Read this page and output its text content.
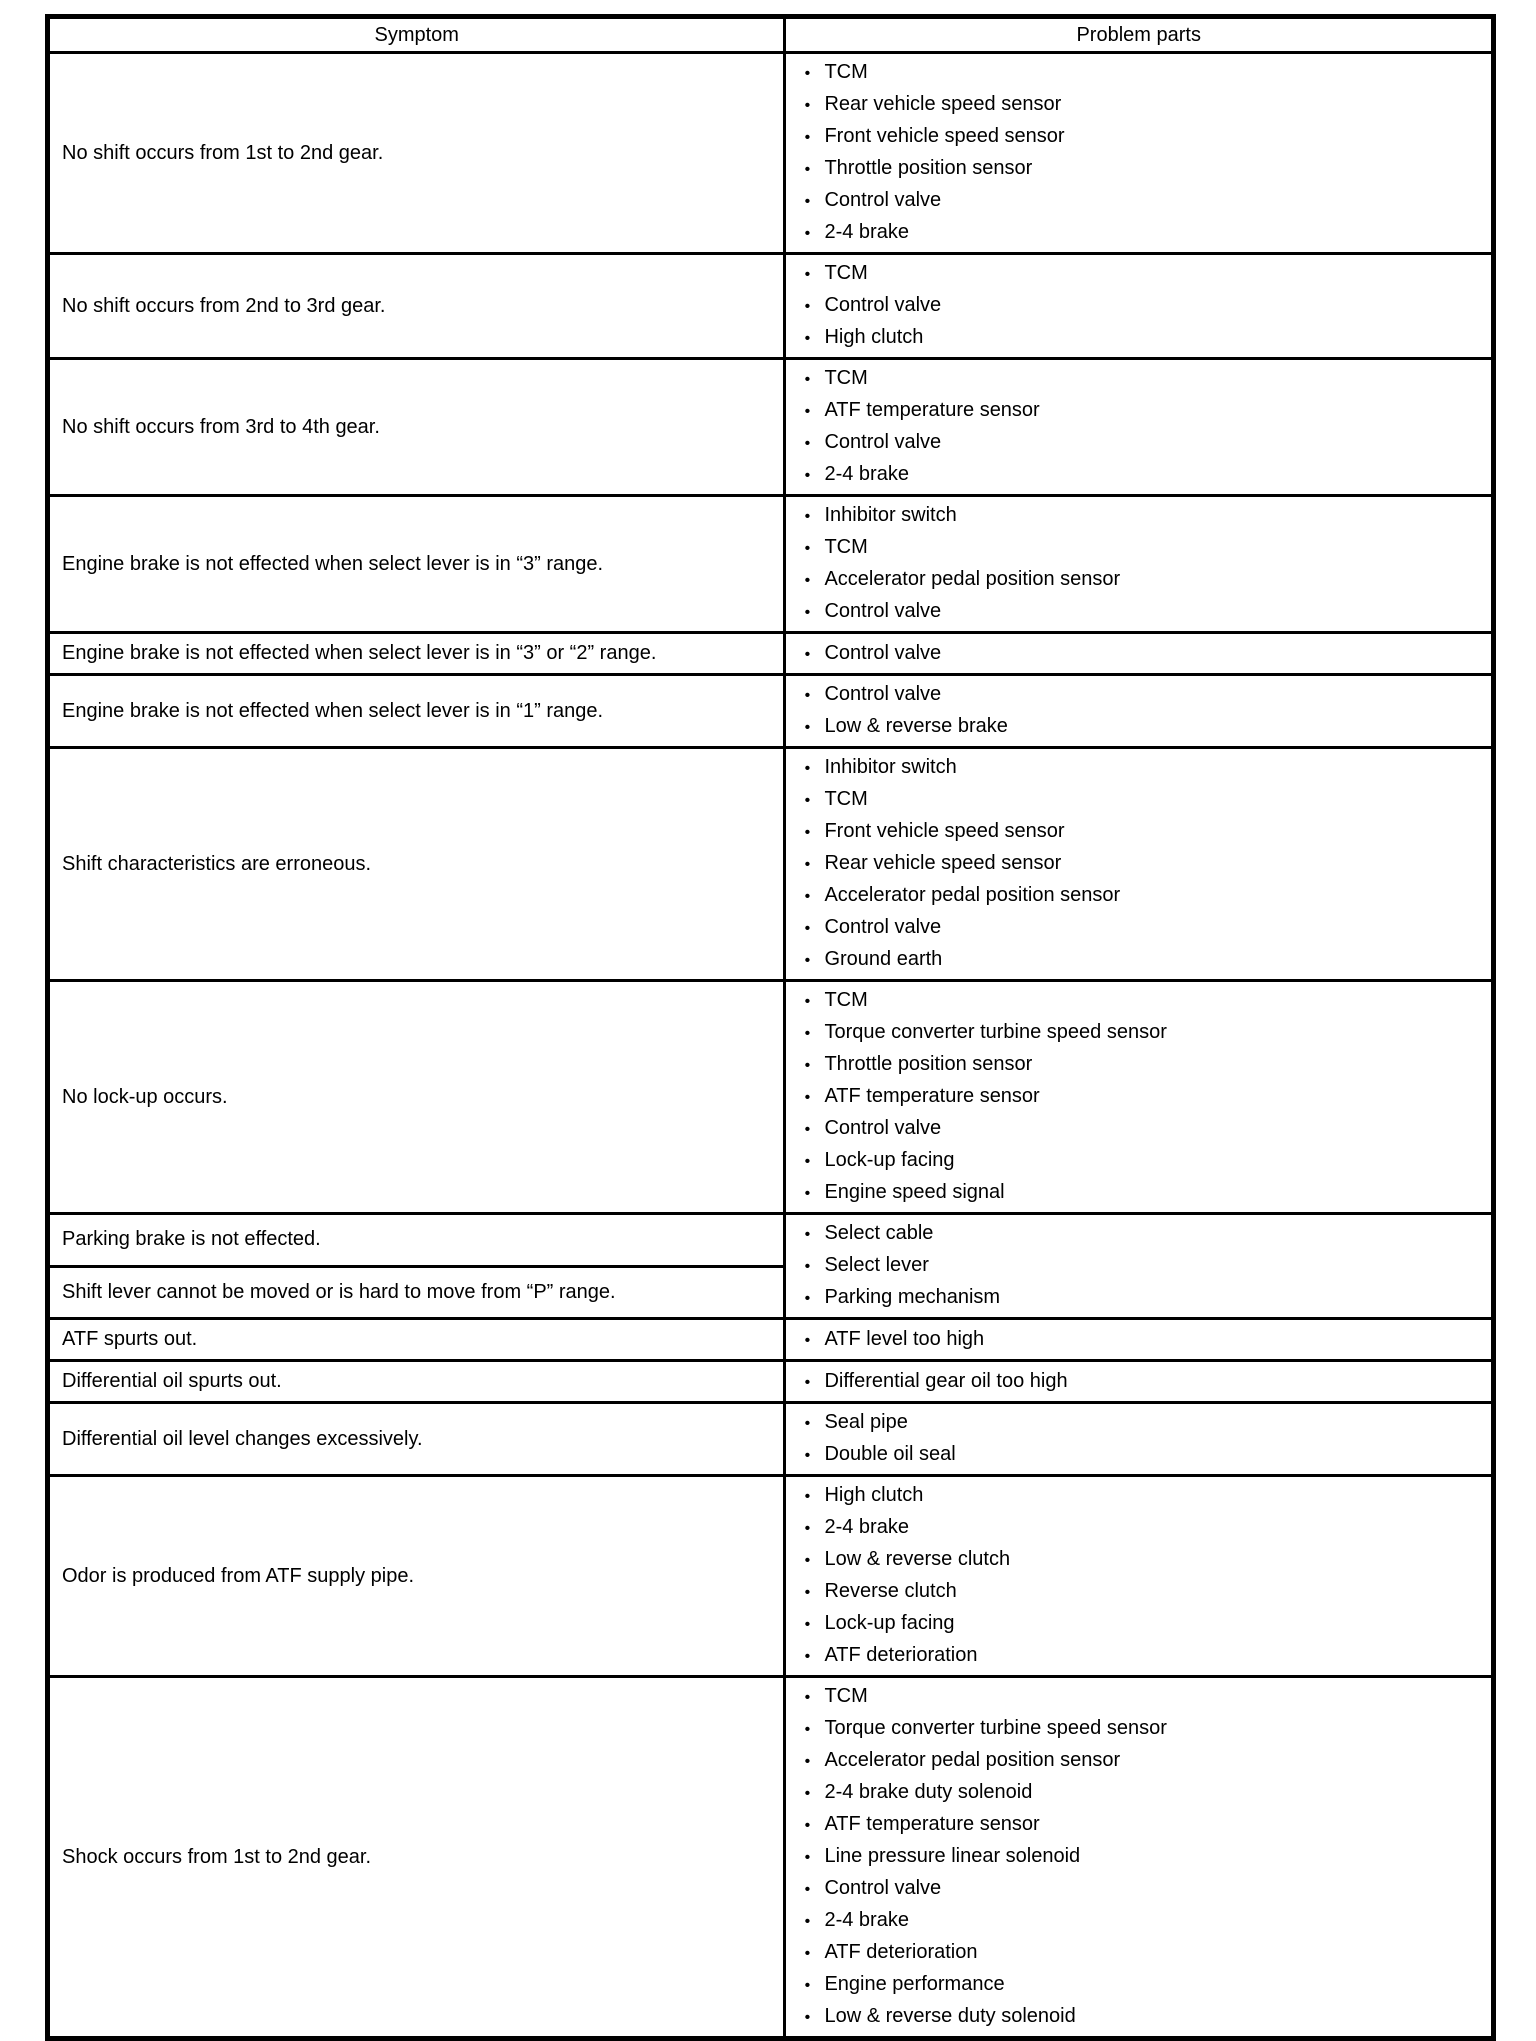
Symptom	Problem parts
No shift occurs from 1st to 2nd gear.	
• TCM
• Rear vehicle speed sensor
• Front vehicle speed sensor
• Throttle position sensor
• Control valve
• 2-4 brake

No shift occurs from 2nd to 3rd gear.	
• TCM
• Control valve
• High clutch

No shift occurs from 3rd to 4th gear.	
• TCM
• ATF temperature sensor
• Control valve
• 2-4 brake

Engine brake is not effected when select lever is in “3” range.	
• Inhibitor switch
• TCM
• Accelerator pedal position sensor
• Control valve

Engine brake is not effected when select lever is in “3” or “2” range.	• Control valve

Engine brake is not effected when select lever is in “1” range.	
• Control valve
• Low & reverse brake

Shift characteristics are erroneous.	
• Inhibitor switch
• TCM
• Front vehicle speed sensor
• Rear vehicle speed sensor
• Accelerator pedal position sensor
• Control valve
• Ground earth

No lock-up occurs.	
• TCM
• Torque converter turbine speed sensor
• Throttle position sensor
• ATF temperature sensor
• Control valve
• Lock-up facing
• Engine speed signal

Parking brake is not effected.	• Select cable
• Select lever
• Parking mechanism

Shift lever cannot be moved or is hard to move from “P” range.	
ATF spurts out.	• ATF level too high

Differential oil spurts out.	• Differential gear oil too high

Differential oil level changes excessively.	
• Seal pipe
• Double oil seal

Odor is produced from ATF supply pipe.	
• High clutch
• 2-4 brake
• Low & reverse clutch
• Reverse clutch
• Lock-up facing
• ATF deterioration

Shock occurs from 1st to 2nd gear.	
• TCM
• Torque converter turbine speed sensor
• Accelerator pedal position sensor
• 2-4 brake duty solenoid
• ATF temperature sensor
• Line pressure linear solenoid
• Control valve
• 2-4 brake
• ATF deterioration
• Engine performance
• Low & reverse duty solenoid
